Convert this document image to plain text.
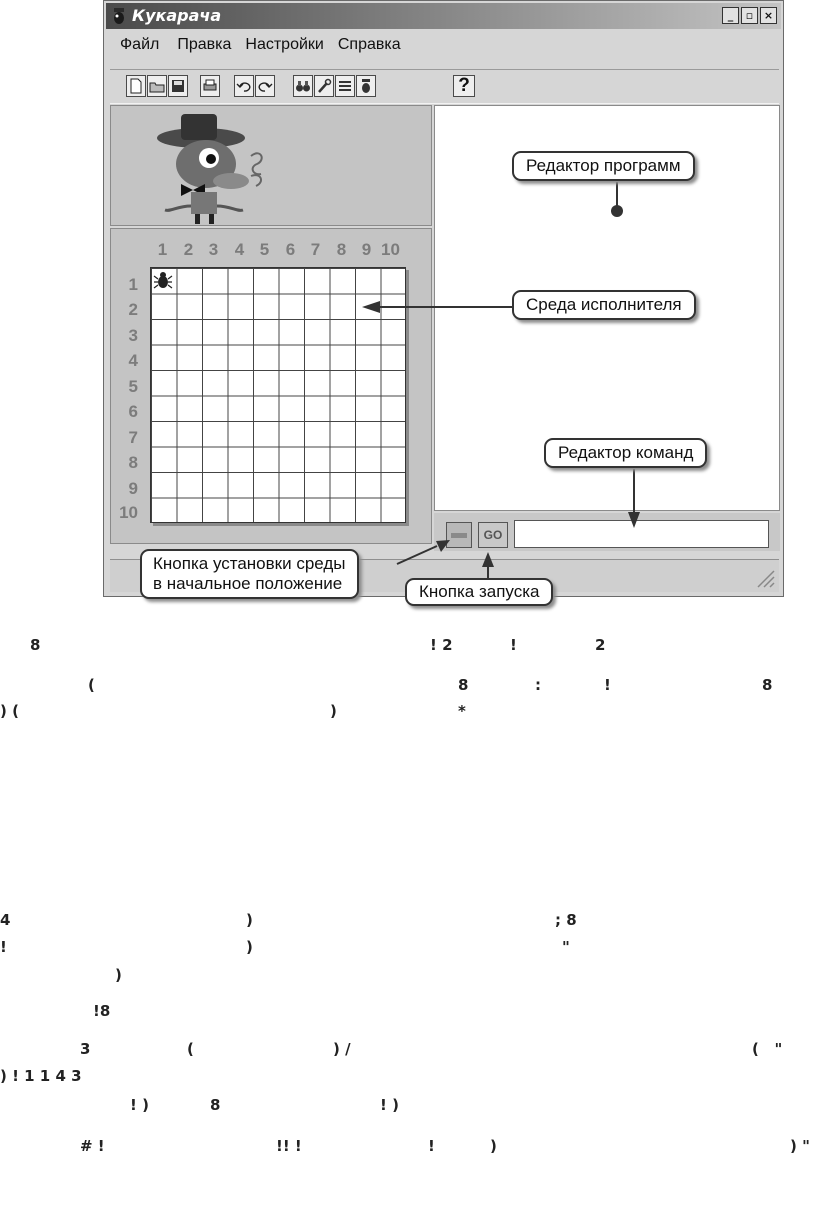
Кукарача	_	▫ ×
Файл	Правка Настройки Справка
?
1 2 3 4 5 6 7 8 9 10
1
2
3
4
5
6
7
8
9
10
GO
Редактор программ
Среда исполнителя
Редактор команд
Кнопка установки среды
в начальное положение	Кнопка запуска
8	! 2	!	2
(	8	:	!	8
) (	)	*
4	)	; 8
!	)	"
)
!8
3	(	) /	(   "
) ! 1 1 4 3
! )	8	! )
# !	!! !	!	)	) "
